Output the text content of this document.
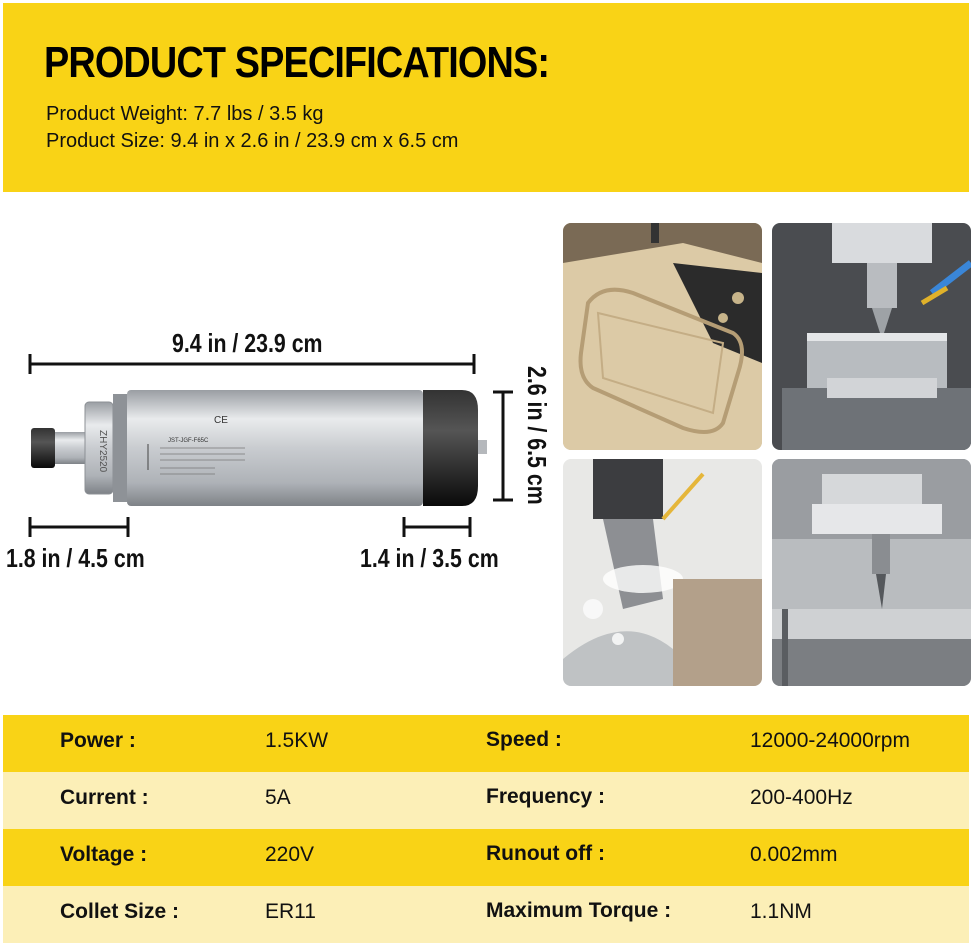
PRODUCT SPECIFICATIONS:
Product Weight: 7.7 lbs / 3.5 kg
Product Size: 9.4 in x 2.6 in / 23.9 cm x 6.5 cm
CE
JST-JGF-F65C
ZHY2520
9.4 in / 23.9 cm
2.6 in / 6.5 cm
1.8 in / 4.5 cm	1.4 in / 3.5 cm
Power :	1.5KW	Speed :	12000-24000rpm
Current :	5A	Frequency :	200-400Hz
Voltage :	220V	Runout off :	0.002mm
Collet Size :	ER11	Maximum Torque :	1.1NM
